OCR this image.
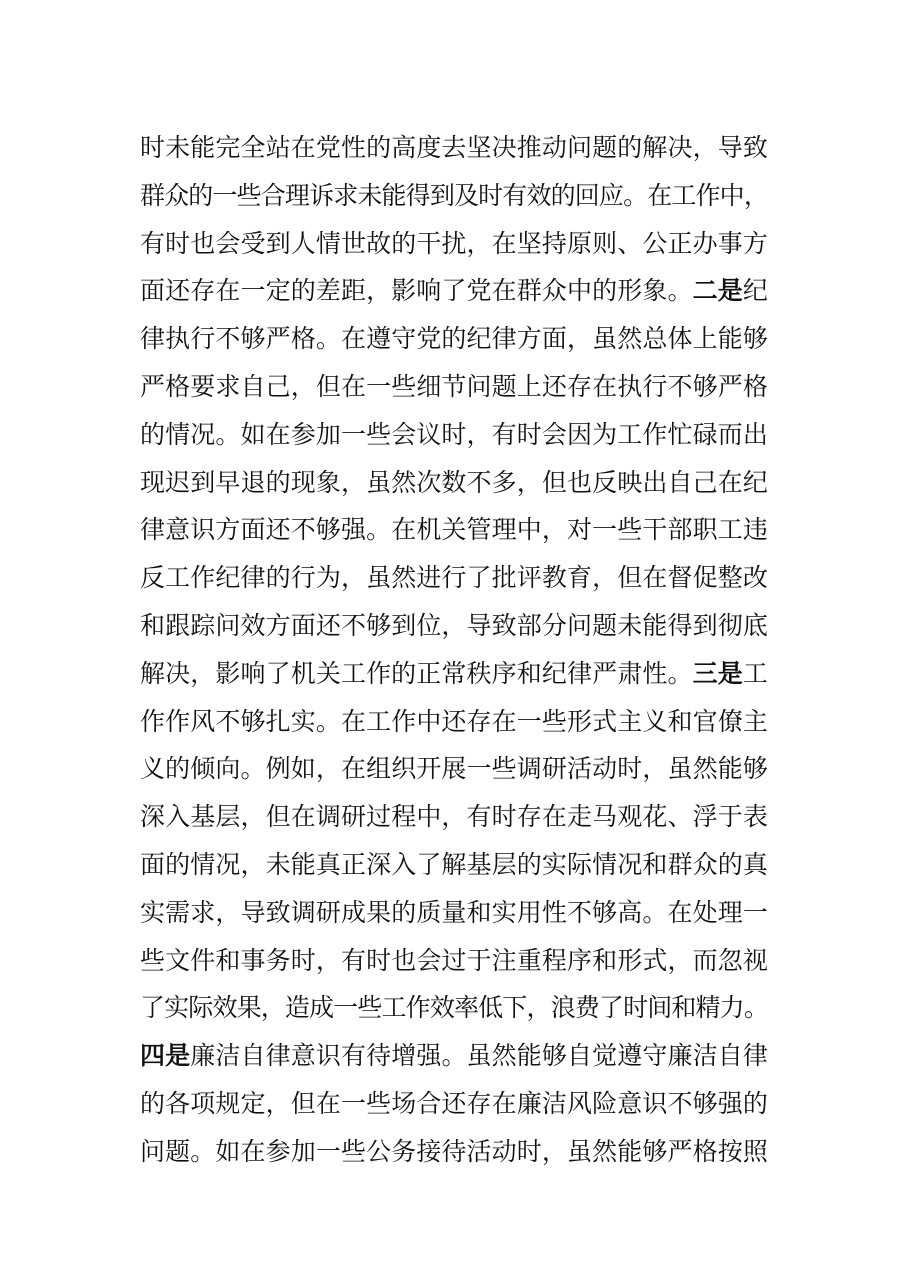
时未能完全站在党性的高度去坚决推动问题的解决，导致
群众的一些合理诉求未能得到及时有效的回应。在工作中，
有时也会受到人情世故的干扰，在坚持原则、公正办事方
面还存在一定的差距，影响了党在群众中的形象。二是纪
律执行不够严格。在遵守党的纪律方面，虽然总体上能够
严格要求自己，但在一些细节问题上还存在执行不够严格
的情况。如在参加一些会议时，有时会因为工作忙碌而出
现迟到早退的现象，虽然次数不多，但也反映出自己在纪
律意识方面还不够强。在机关管理中，对一些干部职工违
反工作纪律的行为，虽然进行了批评教育，但在督促整改
和跟踪问效方面还不够到位，导致部分问题未能得到彻底
解决，影响了机关工作的正常秩序和纪律严肃性。三是工
作作风不够扎实。在工作中还存在一些形式主义和官僚主
义的倾向。例如，在组织开展一些调研活动时，虽然能够
深入基层，但在调研过程中，有时存在走马观花、浮于表
面的情况，未能真正深入了解基层的实际情况和群众的真
实需求，导致调研成果的质量和实用性不够高。在处理一
些文件和事务时，有时也会过于注重程序和形式，而忽视
了实际效果，造成一些工作效率低下，浪费了时间和精力。
四是廉洁自律意识有待增强。虽然能够自觉遵守廉洁自律
的各项规定，但在一些场合还存在廉洁风险意识不够强的
问题。如在参加一些公务接待活动时，虽然能够严格按照
